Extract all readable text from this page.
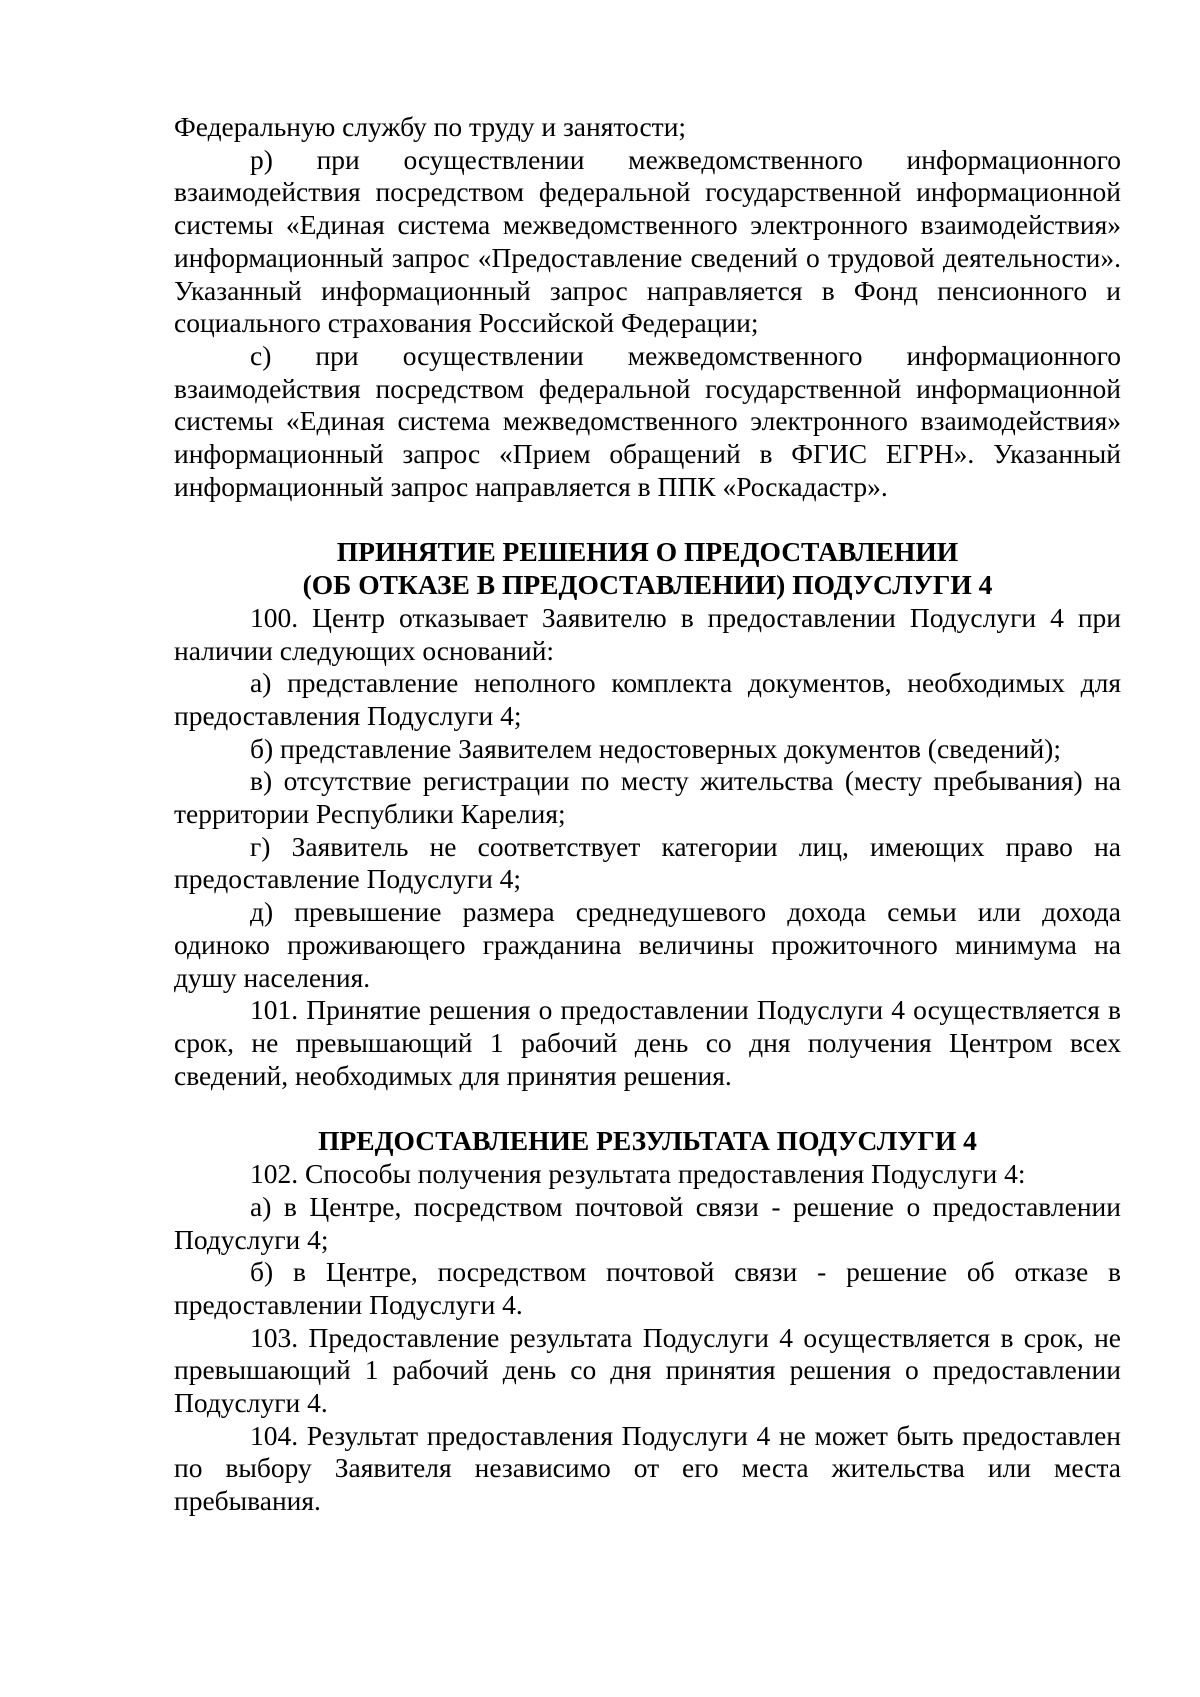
Федеральную службу по труду и занятости;

р) при осуществлении межведомственного информационного взаимодействия посредством федеральной государственной информационной системы «Единая система межведомственного электронного взаимодействия» информационный запрос «Предоставление сведений о трудовой деятельности». Указанный информационный запрос направляется в Фонд пенсионного и социального страхования Российской Федерации;

с) при осуществлении межведомственного информационного взаимодействия посредством федеральной государственной информационной системы «Единая система межведомственного электронного взаимодействия» информационный запрос «Прием обращений в ФГИС ЕГРН». Указанный информационный запрос направляется в ППК «Роскадастр».

ПРИНЯТИЕ РЕШЕНИЯ О ПРЕДОСТАВЛЕНИИ
(ОБ ОТКАЗЕ В ПРЕДОСТАВЛЕНИИ) ПОДУСЛУГИ 4

100. Центр отказывает Заявителю в предоставлении Подуслуги 4 при наличии следующих оснований:

а) представление неполного комплекта документов, необходимых для предоставления Подуслуги 4;

б) представление Заявителем недостоверных документов (сведений);

в) отсутствие регистрации по месту жительства (месту пребывания) на территории Республики Карелия;

г) Заявитель не соответствует категории лиц, имеющих право на предоставление Подуслуги 4;

д) превышение размера среднедушевого дохода семьи или дохода одиноко проживающего гражданина величины прожиточного минимума на душу населения.

101. Принятие решения о предоставлении Подуслуги 4 осуществляется в срок, не превышающий 1 рабочий день со дня получения Центром всех сведений, необходимых для принятия решения.

ПРЕДОСТАВЛЕНИЕ РЕЗУЛЬТАТА ПОДУСЛУГИ 4

102. Способы получения результата предоставления Подуслуги 4:

а) в Центре, посредством почтовой связи - решение о предоставлении Подуслуги 4;

б) в Центре, посредством почтовой связи - решение об отказе в предоставлении Подуслуги 4.

103. Предоставление результата Подуслуги 4 осуществляется в срок, не превышающий 1 рабочий день со дня принятия решения о предоставлении Подуслуги 4.

104. Результат предоставления Подуслуги 4 не может быть предоставлен по выбору Заявителя независимо от его места жительства или места пребывания.
